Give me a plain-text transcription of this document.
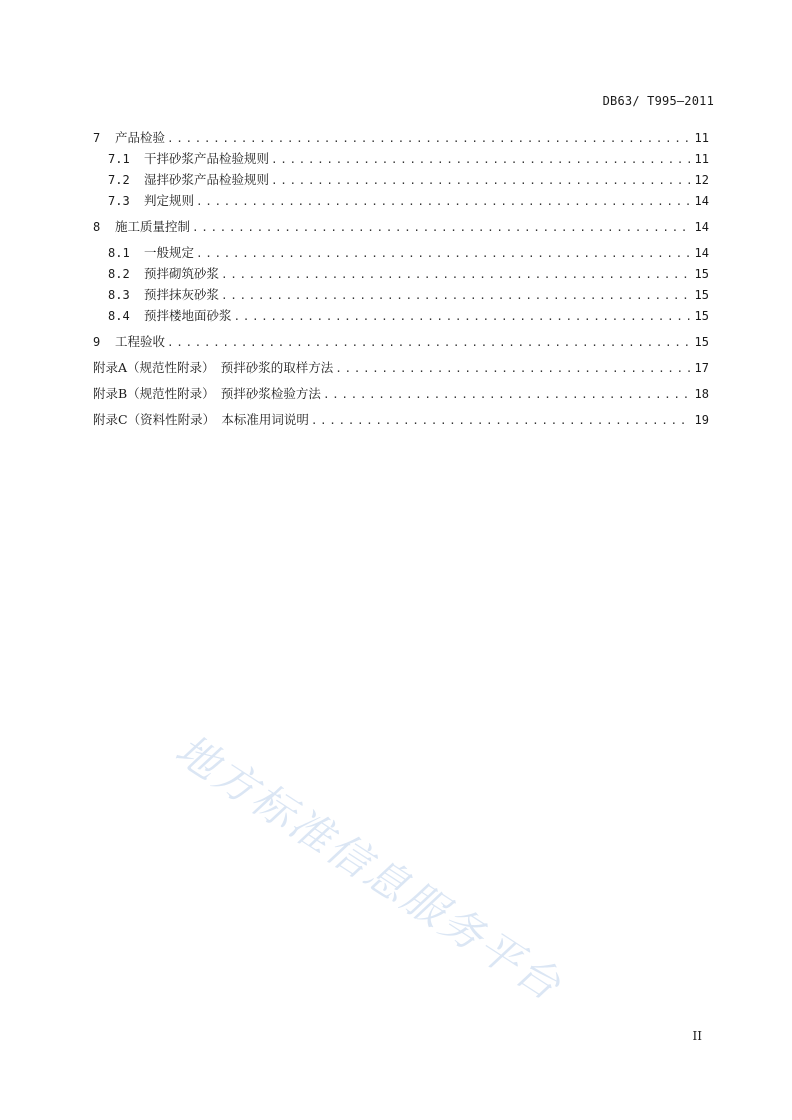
DB63/ T995—2011
7	产品检验 .....	11
7.1	干拌砂浆产品检验规则 .....	11
7.2	湿拌砂浆产品检验规则 .....	12
7.3	判定规则 .....	14
8	施工质量控制 .....	14
8.1	一般规定 .....	14
8.2	预拌砌筑砂浆 .....	15
8.3	预拌抹灰砂浆 .....	15
8.4	预拌楼地面砂浆 .....	15
9	工程验收 .....	15
附录A（规范性附录）　预拌砂浆的取样方法 .....	17
附录B（规范性附录）　预拌砂浆检验方法 .....	18
附录C（资料性附录）　本标准用词说明 .....	19
地方标准信息服务平台
II
